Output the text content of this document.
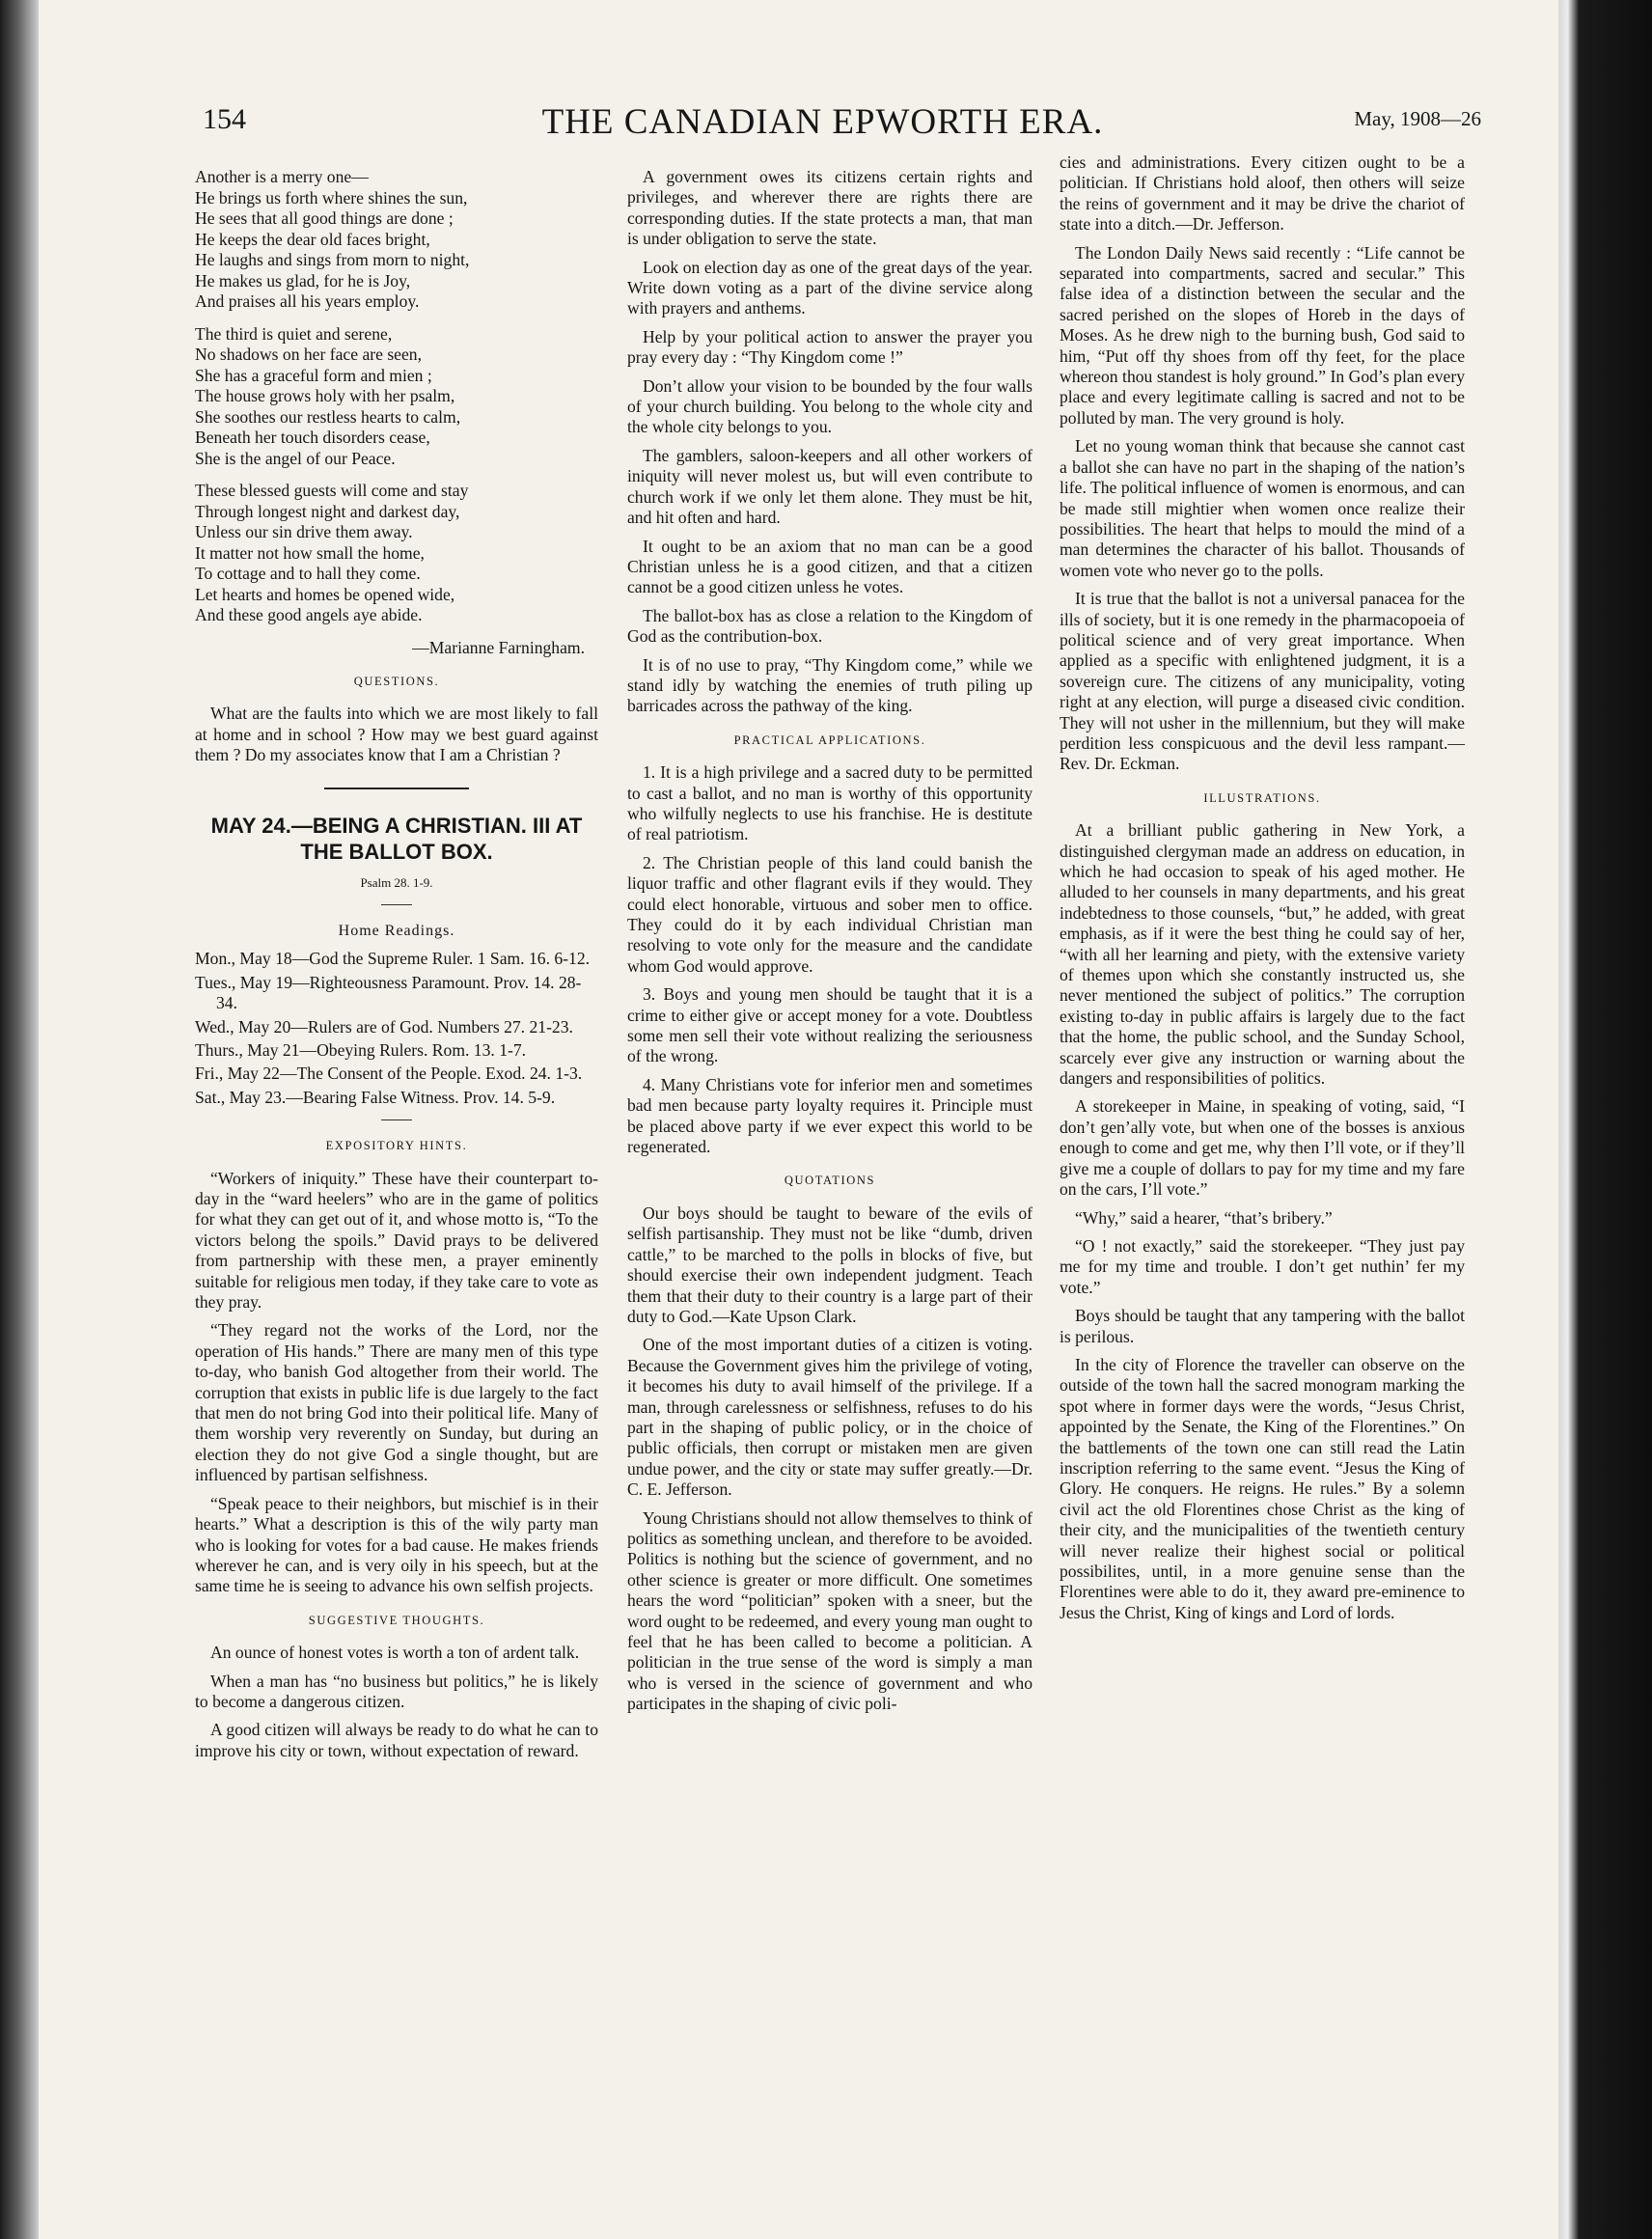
154	THE CANADIAN EPWORTH ERA.	May, 1908—26
Another is a merry one—
He brings us forth where shines the sun,
He sees that all good things are done ;
He keeps the dear old faces bright,
He laughs and sings from morn to night,
He makes us glad, for he is Joy,
And praises all his years employ.
The third is quiet and serene,
No shadows on her face are seen,
She has a graceful form and mien ;
The house grows holy with her psalm,
She soothes our restless hearts to calm,
Beneath her touch disorders cease,
She is the angel of our Peace.
These blessed guests will come and stay
Through longest night and darkest day,
Unless our sin drive them away.
It matter not how small the home,
To cottage and to hall they come.
Let hearts and homes be opened wide,
And these good angels aye abide.
—Marianne Farningham.
QUESTIONS.

What are the faults into which we are most likely to fall at home and in school ? How may we best guard against them ? Do my associates know that I am a Christian ?

MAY 24.—BEING A CHRISTIAN. III AT THE BALLOT BOX.
Psalm 28. 1-9.
Home Readings.
Mon., May 18—God the Supreme Ruler. 1 Sam. 16. 6-12.
Tues., May 19—Righteousness Paramount. Prov. 14. 28-34.
Wed., May 20—Rulers are of God. Numbers 27. 21-23.
Thurs., May 21—Obeying Rulers. Rom. 13. 1-7.
Fri., May 22—The Consent of the People. Exod. 24. 1-3.
Sat., May 23.—Bearing False Witness. Prov. 14. 5-9.
EXPOSITORY HINTS.

“Workers of iniquity.” These have their counterpart to-day in the “ward heelers” who are in the game of politics for what they can get out of it, and whose motto is, “To the victors belong the spoils.” David prays to be delivered from partnership with these men, a prayer eminently suitable for religious men today, if they take care to vote as they pray.

“They regard not the works of the Lord, nor the operation of His hands.” There are many men of this type to-day, who banish God altogether from their world. The corruption that exists in public life is due largely to the fact that men do not bring God into their political life. Many of them worship very reverently on Sunday, but during an election they do not give God a single thought, but are influenced by partisan selfishness.

“Speak peace to their neighbors, but mischief is in their hearts.” What a description is this of the wily party man who is looking for votes for a bad cause. He makes friends wherever he can, and is very oily in his speech, but at the same time he is seeing to advance his own selfish projects.

SUGGESTIVE THOUGHTS.

An ounce of honest votes is worth a ton of ardent talk.

When a man has “no business but politics,” he is likely to become a dangerous citizen.

A good citizen will always be ready to do what he can to improve his city or town, without expectation of reward.

A government owes its citizens certain rights and privileges, and wherever there are rights there are corresponding duties. If the state protects a man, that man is under obligation to serve the state.

Look on election day as one of the great days of the year. Write down voting as a part of the divine service along with prayers and anthems.

Help by your political action to answer the prayer you pray every day : “Thy Kingdom come !”

Don’t allow your vision to be bounded by the four walls of your church building. You belong to the whole city and the whole city belongs to you.

The gamblers, saloon-keepers and all other workers of iniquity will never molest us, but will even contribute to church work if we only let them alone. They must be hit, and hit often and hard.

It ought to be an axiom that no man can be a good Christian unless he is a good citizen, and that a citizen cannot be a good citizen unless he votes.

The ballot-box has as close a relation to the Kingdom of God as the contribution-box.

It is of no use to pray, “Thy Kingdom come,” while we stand idly by watching the enemies of truth piling up barricades across the pathway of the king.

PRACTICAL APPLICATIONS.

1. It is a high privilege and a sacred duty to be permitted to cast a ballot, and no man is worthy of this opportunity who wilfully neglects to use his franchise. He is destitute of real patriotism.

2. The Christian people of this land could banish the liquor traffic and other flagrant evils if they would. They could elect honorable, virtuous and sober men to office. They could do it by each individual Christian man resolving to vote only for the measure and the candidate whom God would approve.

3. Boys and young men should be taught that it is a crime to either give or accept money for a vote. Doubtless some men sell their vote without realizing the seriousness of the wrong.

4. Many Christians vote for inferior men and sometimes bad men because party loyalty requires it. Principle must be placed above party if we ever expect this world to be regenerated.

QUOTATIONS

Our boys should be taught to beware of the evils of selfish partisanship. They must not be like “dumb, driven cattle,” to be marched to the polls in blocks of five, but should exercise their own independent judgment. Teach them that their duty to their country is a large part of their duty to God.—Kate Upson Clark.

One of the most important duties of a citizen is voting. Because the Government gives him the privilege of voting, it becomes his duty to avail himself of the privilege. If a man, through carelessness or selfishness, refuses to do his part in the shaping of public policy, or in the choice of public officials, then corrupt or mistaken men are given undue power, and the city or state may suffer greatly.—Dr. C. E. Jefferson.

Young Christians should not allow themselves to think of politics as something unclean, and therefore to be avoided. Politics is nothing but the science of government, and no other science is greater or more difficult. One sometimes hears the word “politician” spoken with a sneer, but the word ought to be redeemed, and every young man ought to feel that he has been called to become a politician. A politician in the true sense of the word is simply a man who is versed in the science of government and who participates in the shaping of civic poli-

cies and administrations. Every citizen ought to be a politician. If Christians hold aloof, then others will seize the reins of government and it may be drive the chariot of state into a ditch.—Dr. Jefferson.

The London Daily News said recently : “Life cannot be separated into compartments, sacred and secular.” This false idea of a distinction between the secular and the sacred perished on the slopes of Horeb in the days of Moses. As he drew nigh to the burning bush, God said to him, “Put off thy shoes from off thy feet, for the place whereon thou standest is holy ground.” In God’s plan every place and every legitimate calling is sacred and not to be polluted by man. The very ground is holy.

Let no young woman think that because she cannot cast a ballot she can have no part in the shaping of the nation’s life. The political influence of women is enormous, and can be made still mightier when women once realize their possibilities. The heart that helps to mould the mind of a man determines the character of his ballot. Thousands of women vote who never go to the polls.

It is true that the ballot is not a universal panacea for the ills of society, but it is one remedy in the pharmacopoeia of political science and of very great importance. When applied as a specific with enlightened judgment, it is a sovereign cure. The citizens of any municipality, voting right at any election, will purge a diseased civic condition. They will not usher in the millennium, but they will make perdition less conspicuous and the devil less rampant.—Rev. Dr. Eckman.

ILLUSTRATIONS.

At a brilliant public gathering in New York, a distinguished clergyman made an address on education, in which he had occasion to speak of his aged mother. He alluded to her counsels in many departments, and his great indebtedness to those counsels, “but,” he added, with great emphasis, as if it were the best thing he could say of her, “with all her learning and piety, with the extensive variety of themes upon which she constantly instructed us, she never mentioned the subject of politics.” The corruption existing to-day in public affairs is largely due to the fact that the home, the public school, and the Sunday School, scarcely ever give any instruction or warning about the dangers and responsibilities of politics.

A storekeeper in Maine, in speaking of voting, said, “I don’t gen’ally vote, but when one of the bosses is anxious enough to come and get me, why then I’ll vote, or if they’ll give me a couple of dollars to pay for my time and my fare on the cars, I’ll vote.”

“Why,” said a hearer, “that’s bribery.”

“O ! not exactly,” said the storekeeper. “They just pay me for my time and trouble. I don’t get nuthin’ fer my vote.”

Boys should be taught that any tampering with the ballot is perilous.

In the city of Florence the traveller can observe on the outside of the town hall the sacred monogram marking the spot where in former days were the words, “Jesus Christ, appointed by the Senate, the King of the Florentines.” On the battlements of the town one can still read the Latin inscription referring to the same event. “Jesus the King of Glory. He conquers. He reigns. He rules.” By a solemn civil act the old Florentines chose Christ as the king of their city, and the municipalities of the twentieth century will never realize their highest social or political possibilites, until, in a more genuine sense than the Florentines were able to do it, they award pre-eminence to Jesus the Christ, King of kings and Lord of lords.
